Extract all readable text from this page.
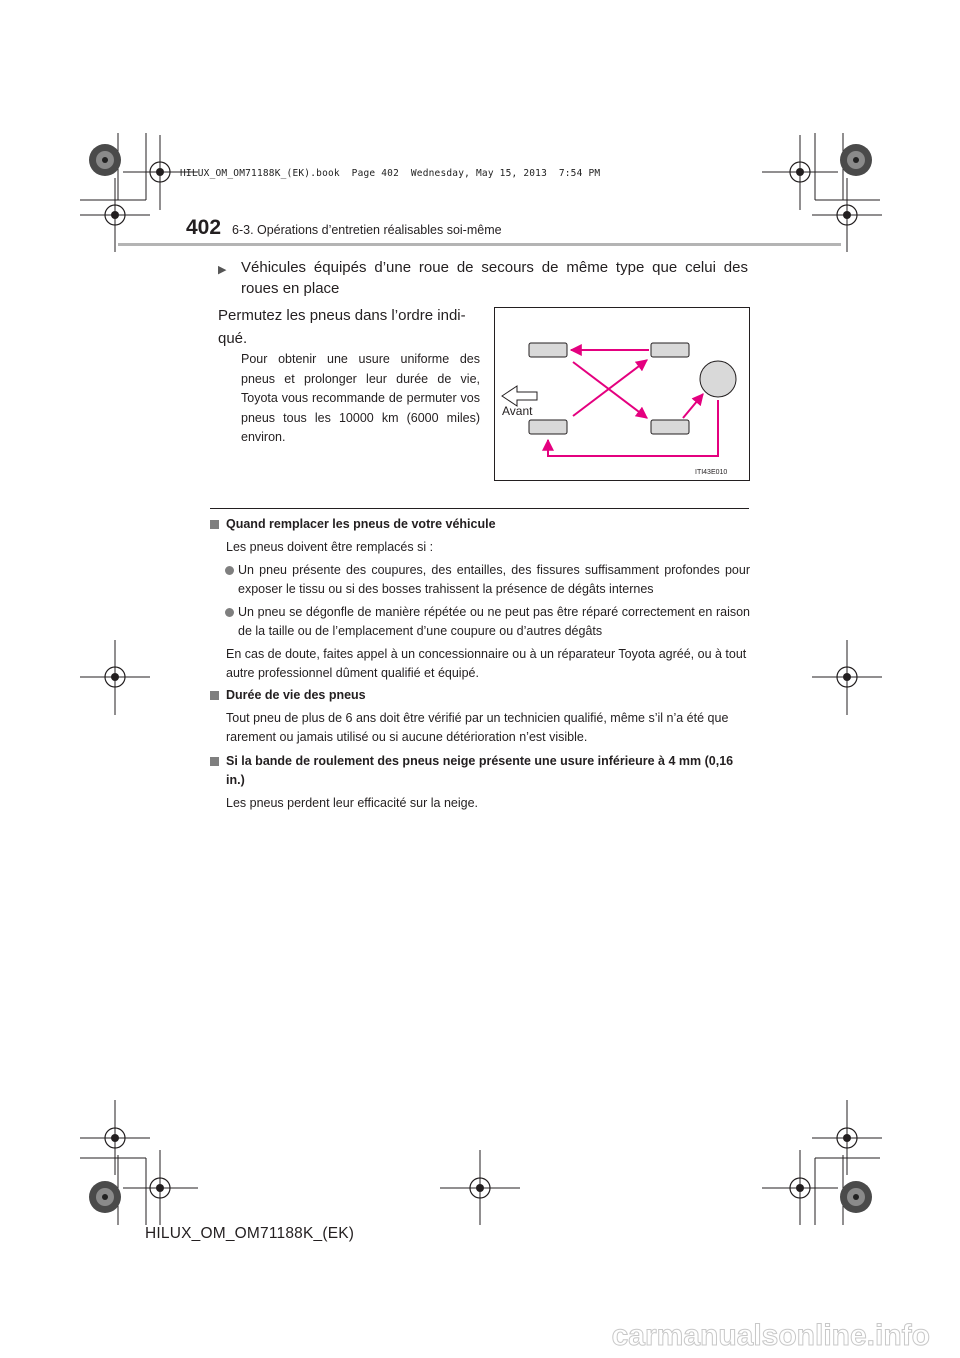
HILUX_OM_OM71188K_(EK).book  Page 402  Wednesday, May 15, 2013  7:54 PM
402 6-3. Opérations d’entretien réalisables soi-même
▶ Véhicules équipés d’une roue de secours de même type que celui des roues en place
Permutez les pneus dans l’ordre indi-qué.
Pour obtenir une usure uniforme des pneus et prolonger leur durée de vie, Toyota vous recommande de permuter vos pneus tous les 10000 km (6000 miles) environ.
Avant
ITI43E010
Quand remplacer les pneus de votre véhicule
Les pneus doivent être remplacés si :
Un pneu présente des coupures, des entailles, des fissures suffisamment profondes pour exposer le tissu ou si des bosses trahissent la présence de dégâts internes
Un pneu se dégonfle de manière répétée ou ne peut pas être réparé correctement en raison de la taille ou de l’emplacement d’une coupure ou d’autres dégâts
En cas de doute, faites appel à un concessionnaire ou à un réparateur Toyota agréé, ou à tout autre professionnel dûment qualifié et équipé.
Durée de vie des pneus
Tout pneu de plus de 6 ans doit être vérifié par un technicien qualifié, même s’il n’a été que rarement ou jamais utilisé ou si aucune détérioration n’est visible.
Si la bande de roulement des pneus neige présente une usure inférieure à 4 mm (0,16 in.)
Les pneus perdent leur efficacité sur la neige.
HILUX_OM_OM71188K_(EK)
carmanualsonline.info
